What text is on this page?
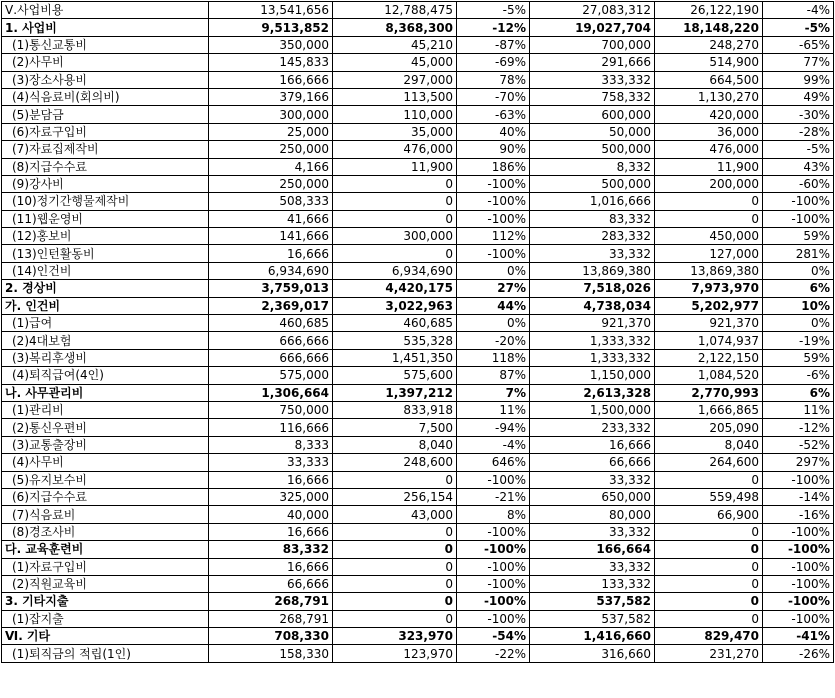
Ⅴ.사업비용	13,541,656	12,788,475	-5%	27,083,312	26,122,190	-4%
1. 사업비	9,513,852	8,368,300	-12%	19,027,704	18,148,220	-5%
(1)통신교통비	350,000	45,210	-87%	700,000	248,270	-65%
(2)사무비	145,833	45,000	-69%	291,666	514,900	77%
(3)장소사용비	166,666	297,000	78%	333,332	664,500	99%
(4)식음료비(회의비)	379,166	113,500	-70%	758,332	1,130,270	49%
(5)분담금	300,000	110,000	-63%	600,000	420,000	-30%
(6)자료구입비	25,000	35,000	40%	50,000	36,000	-28%
(7)자료집제작비	250,000	476,000	90%	500,000	476,000	-5%
(8)지급수수료	4,166	11,900	186%	8,332	11,900	43%
(9)강사비	250,000	0	-100%	500,000	200,000	-60%
(10)정기간행물제작비	508,333	0	-100%	1,016,666	0	-100%
(11)웹운영비	41,666	0	-100%	83,332	0	-100%
(12)홍보비	141,666	300,000	112%	283,332	450,000	59%
(13)인턴활동비	16,666	0	-100%	33,332	127,000	281%
(14)인건비	6,934,690	6,934,690	0%	13,869,380	13,869,380	0%
2. 경상비	3,759,013	4,420,175	27%	7,518,026	7,973,970	6%
가. 인건비	2,369,017	3,022,963	44%	4,738,034	5,202,977	10%
(1)급여	460,685	460,685	0%	921,370	921,370	0%
(2)4대보험	666,666	535,328	-20%	1,333,332	1,074,937	-19%
(3)복리후생비	666,666	1,451,350	118%	1,333,332	2,122,150	59%
(4)퇴직급여(4인)	575,000	575,600	87%	1,150,000	1,084,520	-6%
나. 사무관리비	1,306,664	1,397,212	7%	2,613,328	2,770,993	6%
(1)관리비	750,000	833,918	11%	1,500,000	1,666,865	11%
(2)통신우편비	116,666	7,500	-94%	233,332	205,090	-12%
(3)교통출장비	8,333	8,040	-4%	16,666	8,040	-52%
(4)사무비	33,333	248,600	646%	66,666	264,600	297%
(5)유지보수비	16,666	0	-100%	33,332	0	-100%
(6)지급수수료	325,000	256,154	-21%	650,000	559,498	-14%
(7)식음료비	40,000	43,000	8%	80,000	66,900	-16%
(8)경조사비	16,666	0	-100%	33,332	0	-100%
다. 교육훈련비	83,332	0	-100%	166,664	0	-100%
(1)자료구입비	16,666	0	-100%	33,332	0	-100%
(2)직원교육비	66,666	0	-100%	133,332	0	-100%
3. 기타지출	268,791	0	-100%	537,582	0	-100%
(1)잡지출	268,791	0	-100%	537,582	0	-100%
Ⅵ. 기타	708,330	323,970	-54%	1,416,660	829,470	-41%
(1)퇴직금의 적립(1인)	158,330	123,970	-22%	316,660	231,270	-26%
